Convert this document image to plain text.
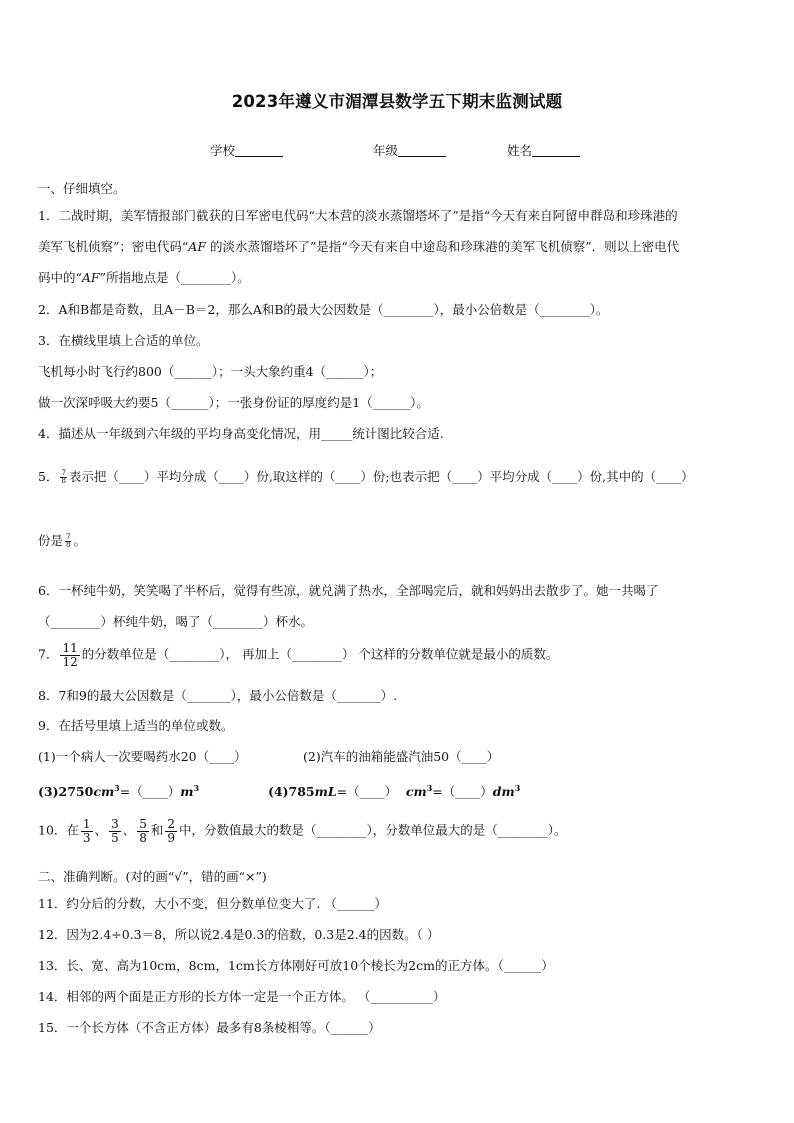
2023年遵义市湄潭县数学五下期末监测试题
学校	年级	姓名
一、仔细填空。
1．二战时期，美军情报部门截获的日军密电代码“大本营的淡水蒸馏塔坏了”是指“今天有来自阿留申群岛和珍珠港的
美军飞机侦察”；密电代码“AF 的淡水蒸馏塔坏了”是指“今天有来自中途岛和珍珠港的美军飞机侦察”．则以上密电代
码中的“AF”所指地点是（________）。
2．A和B都是奇数，且A－B＝2，那么A和B的最大公因数是（________），最小公倍数是（________）。
3．在横线里填上合适的单位。
飞机每小时飞行约800（______）；一头大象约重4（______）；
做一次深呼吸大约要5（______）；一张身份证的厚度约是1（______）。
4．描述从一年级到六年级的平均身高变化情况，用_____统计图比较合适.
5． $\frac{7}{8}$ 表示把（____）平均分成（____）份,取这样的（____）份;也表示把（____）平均分成（____）份,其中的（____）
份是 $\frac{7}{8}$ 。
6．一杯纯牛奶，笑笑喝了半杯后，觉得有些凉，就兑满了热水，全部喝完后，就和妈妈出去散步了。她一共喝了
（________）杯纯牛奶，喝了（________）杯水。
7． $\frac{11}{12}$ 的分数单位是（________）， 再加上（________） 个这样的分数单位就是最小的质数。
8．7和9的最大公因数是（_______），最小公倍数是（_______）.
9．在括号里填上适当的单位或数。
(1)一个病人一次要喝药水20（____）	(2)汽车的油箱能盛汽油50（____）
$(3)2750cm^3=(\_\_\_\_)m^3$	(4)785mL=（____） $cm^3=(\_\_\_\_)dm^3$
10．在 $\frac{1}{3}$ 、 $\frac{3}{5}$ 、 $\frac{5}{8}$ 和 $\frac{2}{9}$ 中，分数值最大的数是（________），分数单位最大的是（________）。
二、准确判断。(对的画“√”，错的画“×”)
11．约分后的分数，大小不变，但分数单位变大了. （______）
12．因为2.4÷0.3＝8，所以说2.4是0.3的倍数，0.3是2.4的因数。（ ）
13．长、宽、高为10cm，8cm，1cm长方体刚好可放10个棱长为2cm的正方体。（______）
14．相邻的两个面是正方形的长方体一定是一个正方体。 （__________）
15．一个长方体（不含正方体）最多有8条棱相等。（______）
